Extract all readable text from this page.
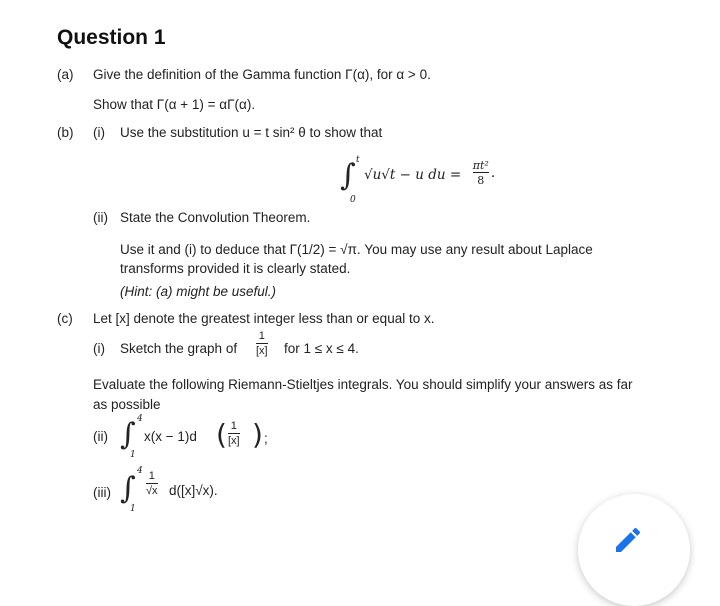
Question 1
(a) Give the definition of the Gamma function Γ(α), for α > 0.
Show that Γ(α + 1) = αΓ(α).
(b) (i) Use the substitution u = t sin² θ to show that
∫ t
0
√u√t − u du = $\frac{\text{πt²}}{8}$ .
(ii) State the Convolution Theorem.
Use it and (i) to deduce that Γ(1/2) = √π. You may use any result about Laplace
transforms provided it is clearly stated.
(Hint: (a) might be useful.)
(c) Let [x] denote the greatest integer less than or equal to x.
(i) Sketch the graph of $\frac{1}{[x]}$ for 1 ≤ x ≤ 4.
Evaluate the following Riemann-Stieltjes integrals. You should simplify your answers as far
as possible
(ii) ∫ 4
1
x(x − 1)d ( $\frac{1}{[x]}$ ) ;
(iii) ∫ 4
1
$\frac{1}{√x} d([x]√x)$.
